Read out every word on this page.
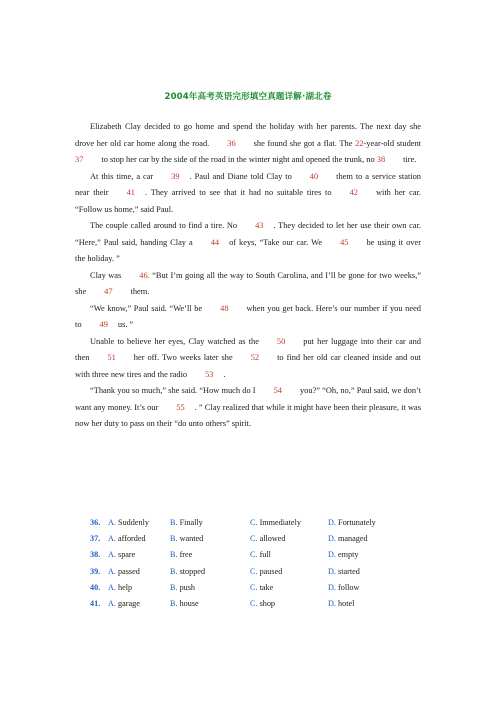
2004年高考英语完形填空真题详解·湖北卷

Elizabeth Clay decided to go home and spend the holiday with her parents. The next day she drove her old car home along the road. 36 she found she got a flat. The 22-year-old student 37 to stop her car by the side of the road in the winter night and opened the trunk, no 38 tire.

At this time, a car 39 . Paul and Diane told Clay to 40 them to a service station near their 41 . They arrived to see that it had no suitable tires to 42 with her car. “Follow us home,” said Paul.

The couple called around to find a tire. No 43 . They decided to let her use their own car. “Here,” Paul said, handing Clay a 44 of keys, “Take our car. We 45 be using it over the holiday. ”

Clay was 46. “But I’m going all the way to South Carolina, and I’ll be gone for two weeks,” she 47 them.

“We know,” Paul said. “We’ll be 48 when you get back. Here’s our number if you need to 49 us. ”

Unable to believe her eyes, Clay watched as the 50 put her luggage into their car and then 51 her off. Two weeks later she 52 to find her old car cleaned inside and out with three new tires and the radio 53 .

“Thank you so much,” she said. “How much do I 54 you?” “Oh, no,” Paul said, we don’t want any money. It’s our 55 . ” Clay realized that while it might have been their pleasure, it was now her duty to pass on their “do unto others” spirit.

36. A. Suddenly	B. Finally	C. Immediately	D. Fortunately
37. A. afforded	B. wanted	C. allowed	D. managed
38. A. spare	B. free	C. full	D. empty
39. A. passed	B. stopped	C. paused	D. started
40. A. help	B. push	C. take	D. follow
41. A. garage	B. house	C. shop	D. hotel
